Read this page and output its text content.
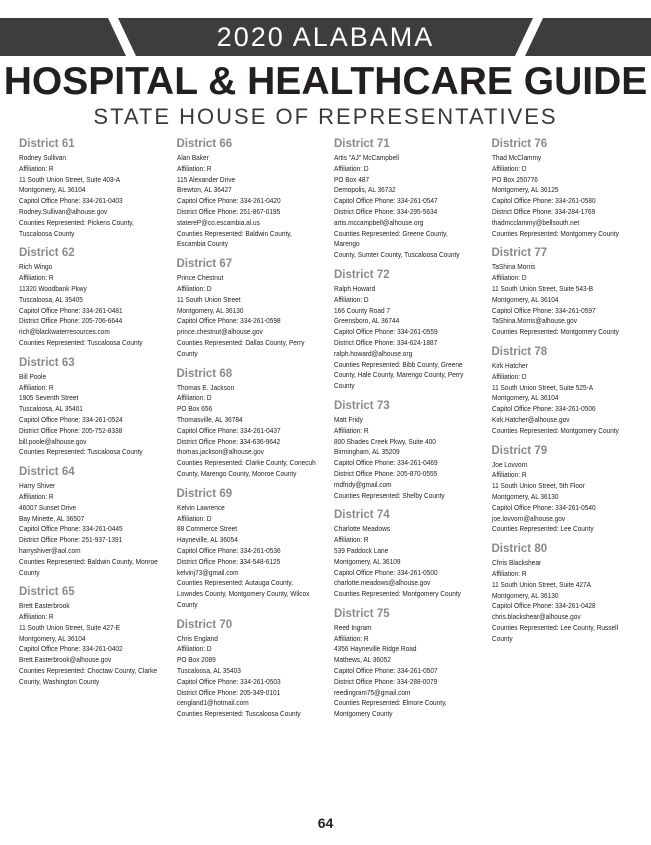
2020 ALABAMA
HOSPITAL & HEALTHCARE GUIDE
STATE HOUSE OF REPRESENTATIVES
District 61
Rodney Sullivan
Affiliation: R
11 South Union Street, Suite 403-A
Montgomery, AL 36104
Capitol Office Phone: 334-261-0403
Rodney.Sullivan@alhouse.gov
Counties Represented: Pickens County,
Tuscaloosa County
District 62
Rich Wingo
Affiliation: R
11320 Woodbank Pkwy
Tuscaloosa, AL 35405
Capitol Office Phone: 334-261-0481
District Office Phone: 205-706-6644
rich@blackwaterresources.com
Counties Represented: Tuscaloosa County
District 63
Bill Poole
Affiliation: R
1905 Seventh Street
Tuscaloosa, AL 35401
Capitol Office Phone: 334-261-0524
District Office Phone: 205-752-8338
bill.poole@alhouse.gov
Counties Represented: Tuscaloosa County
District 64
Harry Shiver
Affiliation: R
46007 Sunset Drive
Bay Minette, AL 36507
Capitol Office Phone: 334-261-0445
District Office Phone: 251-937-1391
harryshiver@aol.com
Counties Represented: Baldwin County, Monroe
County
District 65
Brett Easterbrook
Affiliation: R
11 South Union Street, Suite 427-E
Montgomery, AL 36104
Capitol Office Phone: 334-261-0402
Brett.Easterbrook@alhouse.gov
Counties Represented: Choctaw County, Clarke
County, Washington County
District 66
Alan Baker
Affiliation: R
115 Alexander Drive
Brewton, AL 36427
Capitol Office Phone: 334-261-0420
District Office Phone: 251-867-0195
statereP@co.escambia.al.us
Counties Represented: Baldwin County,
Escambia County
District 67
Prince Chestnut
Affiliation: D
11 South Union Street
Montgomery, AL 36130
Capitol Office Phone: 334-261-0598
prince.chestnut@alhouse.gov
Counties Represented: Dallas County, Perry
County
District 68
Thomas E. Jackson
Affiliation: D
PO Box 656
Thomasville, AL 36784
Capitol Office Phone: 334-261-0437
District Office Phone: 334-636-9642
thomas.jackson@alhouse.gov
Counties Represented: Clarke County, Conecuh
County, Marengo County, Monroe County
District 69
Kelvin Lawrence
Affiliation: D
88 Commerce Street
Hayneville, AL 36054
Capitol Office Phone: 334-261-0536
District Office Phone: 334-548-6125
kelvinj73@gmail.com
Counties Represented: Autauga County,
Lowndes County, Montgomery County, Wilcox
County
District 70
Chris England
Affiliation: D
PO Box 2089
Tuscaloosa, AL 35403
Capitol Office Phone: 334-261-0503
District Office Phone: 205-349-0101
cengland1@hotmail.com
Counties Represented: Tuscaloosa County
District 71
Artis "AJ" McCampbell
Affiliation: D
PO Box 487
Demopolis, AL 36732
Capitol Office Phone: 334-261-0547
District Office Phone: 334-295-5634
artis.mccampbell@alhouse.org
Counties Represented: Greene County, Marengo
County, Sumter County, Tuscaloosa County
District 72
Ralph Howard
Affiliation: D
166 County Road 7
Greensboro, AL 36744
Capitol Office Phone: 334-261-0559
District Office Phone: 334-624-1887
ralph.howard@alhouse.org
Counties Represented: Bibb County, Greene
County, Hale County, Marengo County, Perry
County
District 73
Matt Fridy
Affiliation: R
800 Shades Creek Pkwy, Suite 400
Birmingham, AL 35209
Capitol Office Phone: 334-261-0469
District Office Phone: 205-870-0555
mdfridy@gmail.com
Counties Represented: Shelby County
District 74
Charlotte Meadows
Affiliation: R
539 Paddock Lane
Montgomery, AL 36109
Capitol Office Phone: 334-261-0500
charlotte.meadows@alhouse.gov
Counties Represented: Montgomery County
District 75
Reed Ingram
Affiliation: R
4356 Hayneville Ridge Road
Mathews, AL 36052
Capitol Office Phone: 334-261-0507
District Office Phone: 334-288-0079
reedingram75@gmail.com
Counties Represented: Elmore County,
Montgomery County
District 76
Thad McClammy
Affiliation: D
PO Box 250776
Montgomery, AL 36125
Capitol Office Phone: 334-261-0580
District Office Phone: 334-284-1769
thadmcclammy@bellsouth.net
Counties Represented: Montgomery County
District 77
TaShina Morris
Affiliation: D
11 South Union Street, Suite 543-B
Montgomery, AL 36104
Capitol Office Phone: 334-261-0597
TaShina.Morris@alhouse.gov
Counties Represented: Montgomery County
District 78
Kirk Hatcher
Affiliation: D
11 South Union Street, Suite 525-A
Montgomery, AL 36104
Capitol Office Phone: 334-261-0506
Kirk.Hatcher@alhouse.gov
Counties Represented: Montgomery County
District 79
Joe Lovvorn
Affiliation: R
11 South Union Street, 5th Floor
Montgomery, AL 36130
Capitol Office Phone: 334-261-0540
joe.lovvorn@alhouse.gov
Counties Represented: Lee County
District 80
Chris Blackshear
Affiliation: R
11 South Union Street, Suite 427A
Montgomery, AL 36130
Capitol Office Phone: 334-261-0428
chris.blackshear@alhouse.gov
Counties Represented: Lee County, Russell
County
64
